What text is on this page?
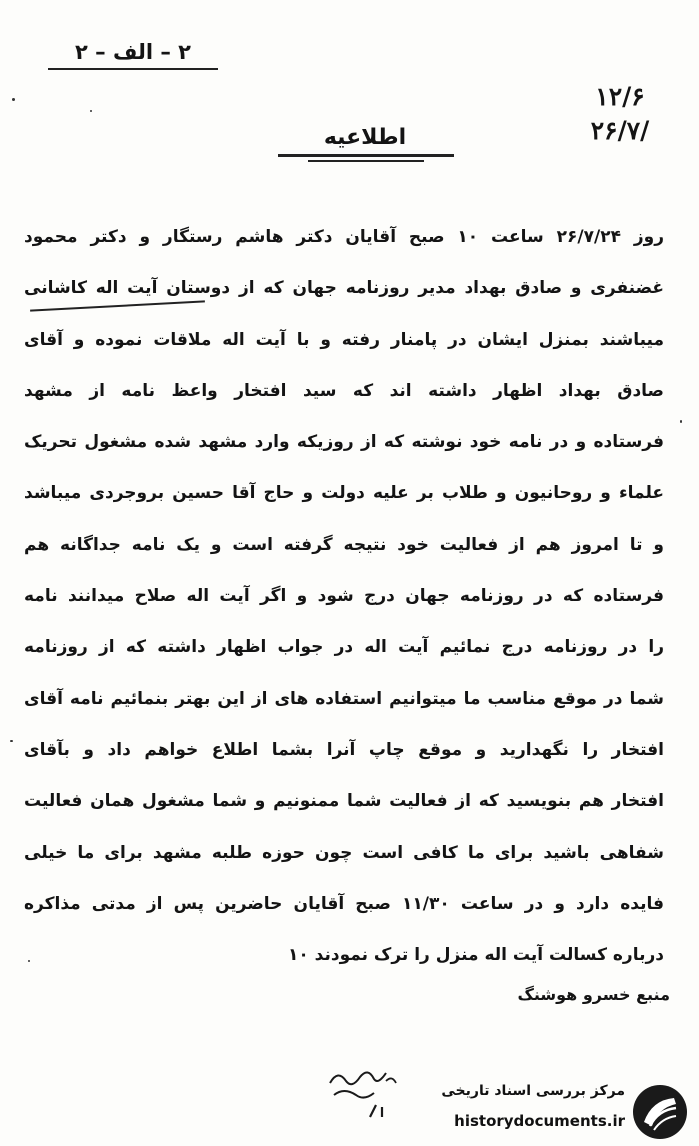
۲ – الف – ۲
۱۲/۶
۲۶/۷/
اطلاعیه
روز ۲۶/۷/۲۴ ساعت ۱۰ صبح آقایان دکتر هاشم رستگار و دکتر محمود
غضنفری و صادق بهداد مدیر روزنامه جهان که از دوستان آیت اله کاشانی
میباشند بمنزل ایشان در پامنار رفته و با آیت اله ملاقات نموده و آقای
صادق بهداد اظهار داشته اند که سید افتخار واعظ نامه از مشهد
فرستاده و در نامه خود نوشته که از روزیکه وارد مشهد شده مشغول تحریک
علماء و روحانیون و طلاب بر علیه دولت و حاج آقا حسین بروجردی میباشد
و تا امروز هم از فعالیت خود نتیجه گرفته است و یک نامه جداگانه هم
فرستاده که در روزنامه جهان درج شود و اگر آیت اله صلاح میدانند نامه
را در روزنامه درج نمائیم آیت اله در جواب اظهار داشته که از روزنامه
شما در موقع مناسب ما میتوانیم استفاده های از این بهتر بنمائیم نامه آقای
افتخار را نگهدارید و موقع چاپ آنرا بشما اطلاع خواهم داد و بآقای
افتخار هم بنویسید که از فعالیت شما ممنونیم و شما مشغول همان فعالیت
شفاهی باشید برای ما کافی است چون حوزه طلبه مشهد برای ما خیلی
فایده دارد و در ساعت ۱۱/۳۰ صبح آقایان حاضرین پس از مدتی مذاکره
درباره کسالت آیت اله منزل را ترک نمودند ۱۰
منبع خسرو هوشنگ
مرکز بررسی اسناد تاریخی
historydocuments.ir
